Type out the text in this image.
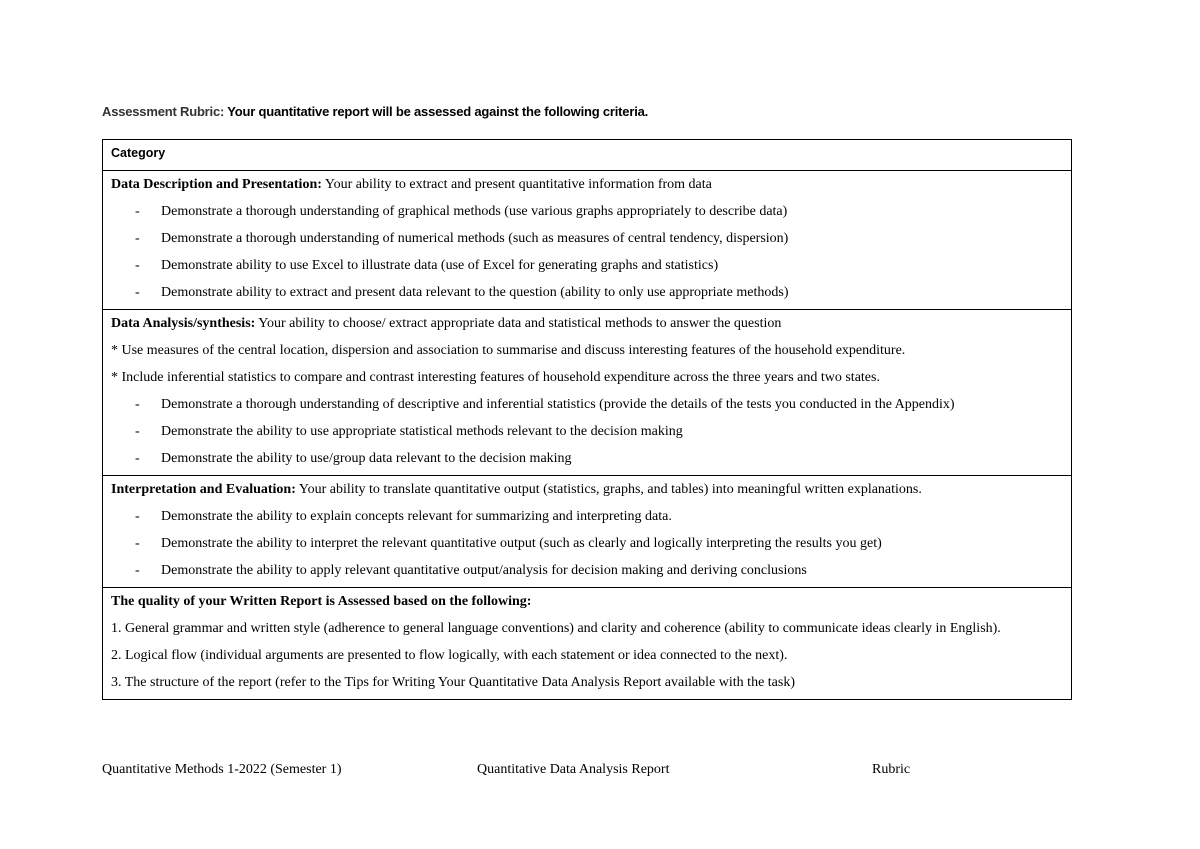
Assessment Rubric: Your quantitative report will be assessed against the following criteria.
Category

Data Description and Presentation: Your ability to extract and present quantitative information from data
- Demonstrate a thorough understanding of graphical methods (use various graphs appropriately to describe data)
- Demonstrate a thorough understanding of numerical methods (such as measures of central tendency, dispersion)
- Demonstrate ability to use Excel to illustrate data (use of Excel for generating graphs and statistics)
- Demonstrate ability to extract and present data relevant to the question (ability to only use appropriate methods)

Data Analysis/synthesis: Your ability to choose/ extract appropriate data and statistical methods to answer the question
* Use measures of the central location, dispersion and association to summarise and discuss interesting features of the household expenditure.
* Include inferential statistics to compare and contrast interesting features of household expenditure across the three years and two states.
- Demonstrate a thorough understanding of descriptive and inferential statistics (provide the details of the tests you conducted in the Appendix)
- Demonstrate the ability to use appropriate statistical methods relevant to the decision making
- Demonstrate the ability to use/group data relevant to the decision making

Interpretation and Evaluation: Your ability to translate quantitative output (statistics, graphs, and tables) into meaningful written explanations.
- Demonstrate the ability to explain concepts relevant for summarizing and interpreting data.
- Demonstrate the ability to interpret the relevant quantitative output (such as clearly and logically interpreting the results you get)
- Demonstrate the ability to apply relevant quantitative output/analysis for decision making and deriving conclusions

The quality of your Written Report is Assessed based on the following:
1. General grammar and written style (adherence to general language conventions) and clarity and coherence (ability to communicate ideas clearly in English).
2. Logical flow (individual arguments are presented to flow logically, with each statement or idea connected to the next).
3. The structure of the report (refer to the Tips for Writing Your Quantitative Data Analysis Report available with the task)
Quantitative Methods 1-2022 (Semester 1)	Quantitative Data Analysis Report	Rubric
